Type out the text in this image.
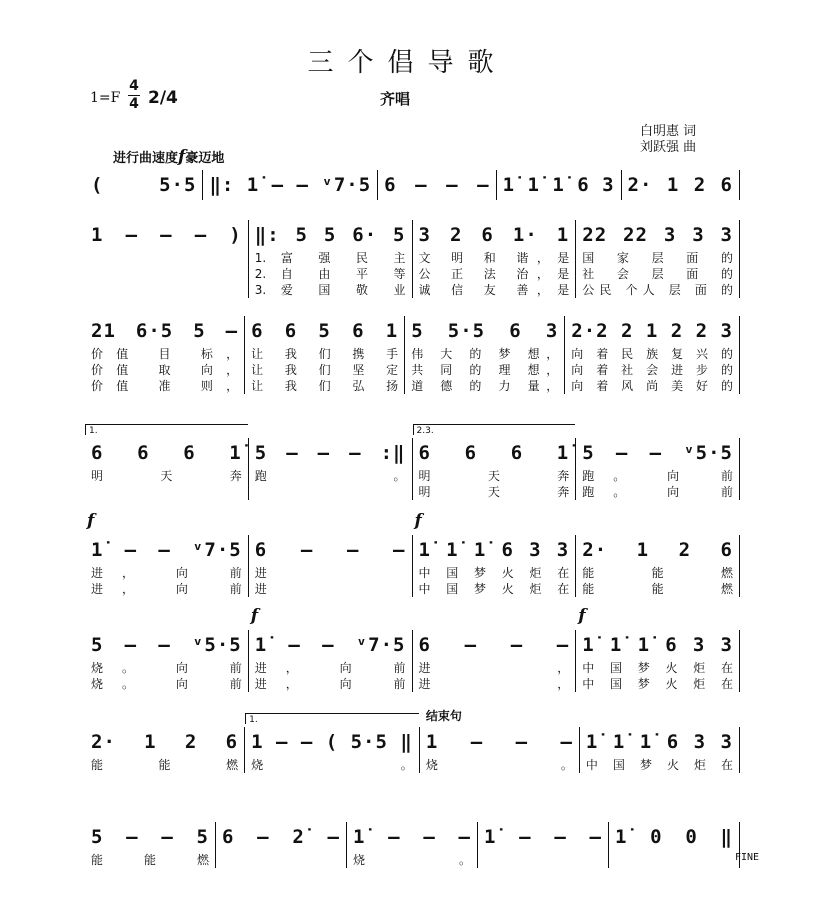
三个倡导歌
$1=F \frac{4}{4} 2/4$	齐唱
白明惠 词
刘跃强 曲
进行曲速度f豪迈地
( 5·5 ‖: 1̇ — — ᵛ7·5 6 — — — 1̇ 1̇ 1̇ 6 3 2· 1 2 6
1 — — — ) ‖: 5 5 6· 5
1. 富 强 民 主
2. 自 由 平 等
3. 爱 国 敬 业
3 2 6 1· 1
文 明 和 谐，是
公 正 法 治，是
诚 信 友 善，是
22 22 3 3 3
国 家 层 面 的
社 会 层 面 的
公民 个人 层 面 的
21 6·5 5 —
价值 目 标，
价值 取 向，
价值 准 则，
6 6 5 6 1
让 我 们 携 手
让 我 们 坚 定
让 我 们 弘 扬
5 5·5 6 3
伟 大 的 梦 想，
共 同 的 理 想，
道 德 的 力 量，
2·2 2 1 2 2 3
向 着 民 族 复 兴 的
向 着 社 会 进 步 的
向 着 风 尚 美 好 的
1.
6 6 6 1̇
明 天 奔
5 — — — :‖
跑。
2.3.
6 6 6 1̇
明 天 奔
明 天 奔
5 — — ᵛ5·5
跑。 向 前
跑。 向 前
f
1̇ — — ᵛ7·5
进， 向 前
进， 向 前
6 — — —
进
进
f
1̇ 1̇ 1̇ 6 3 3
中 国 梦 火 炬 在
中 国 梦 火 炬 在
2· 1 2 6
能 能 燃
能 能 燃
5 — — ᵛ5·5
烧。 向 前
烧。 向 前
f
1̇ — — ᵛ7·5
进， 向 前
进， 向 前
6 — — —
进，
进，
f
1̇ 1̇ 1̇ 6 3 3
中 国 梦 火 炬 在
中 国 梦 火 炬 在
2· 1 2 6
能 能 燃
1.
1 — — ( 5·5 ‖
烧。
结束句
1 — — —
烧。
1̇ 1̇ 1̇ 6 3 3
中 国 梦 火 炬 在
5 — — 5
能 能 燃
6 — 2̇ — 1̇ — — —
烧。
1̇ — — — 1̇ 0 0 ‖
FINE
